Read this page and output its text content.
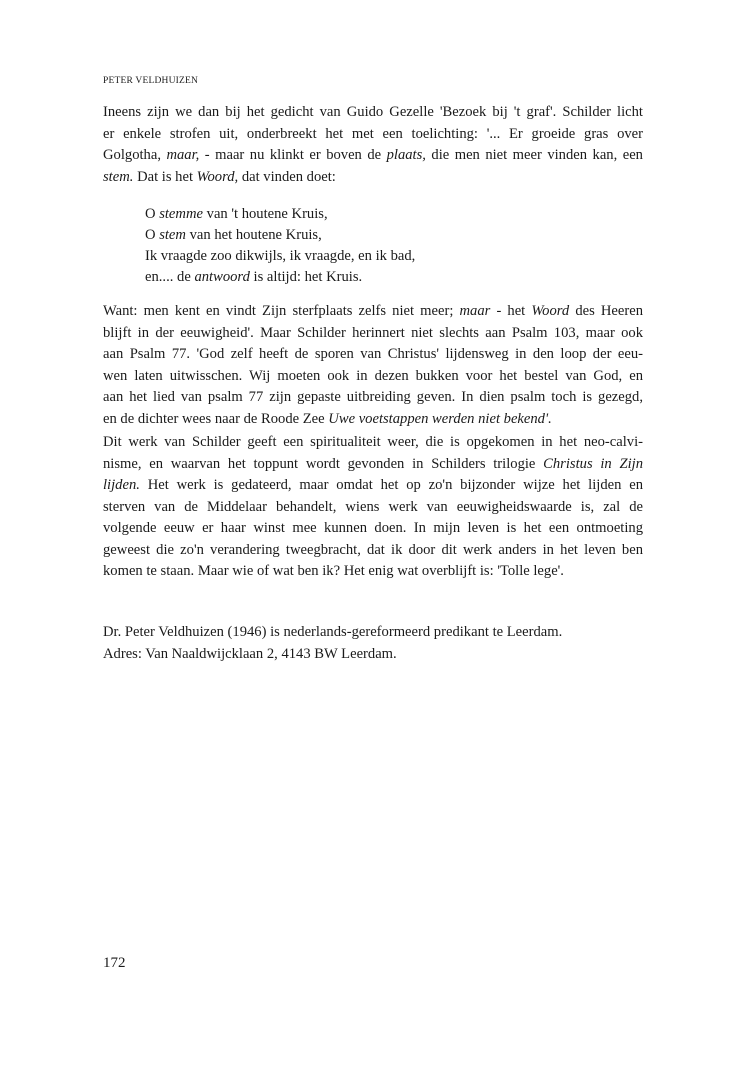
PETER VELDHUIZEN

Ineens zijn we dan bij het gedicht van Guido Gezelle 'Bezoek bij 't graf'. Schilder licht
er enkele strofen uit, onderbreekt het met een toelichting: '... Er groeide gras over
Golgotha, maar, - maar nu klinkt er boven de plaats, die men niet meer vinden kan, een
stem. Dat is het Woord, dat vinden doet:

O stemme van 't houtene Kruis,
O stem van het houtene Kruis,
Ik vraagde zoo dikwijls, ik vraagde, en ik bad,
en.... de antwoord is altijd: het Kruis.

Want: men kent en vindt Zijn sterfplaats zelfs niet meer; maar - het Woord des Heeren
blijft in der eeuwigheid'. Maar Schilder herinnert niet slechts aan Psalm 103, maar ook
aan Psalm 77. 'God zelf heeft de sporen van Christus' lijdensweg in den loop der eeu-
wen laten uitwisschen. Wij moeten ook in dezen bukken voor het bestel van God, en
aan het lied van psalm 77 zijn gepaste uitbreiding geven. In dien psalm toch is gezegd,
en de dichter wees naar de Roode Zee Uwe voetstappen werden niet bekend'.

Dit werk van Schilder geeft een spiritualiteit weer, die is opgekomen in het neo-calvi-
nisme, en waarvan het toppunt wordt gevonden in Schilders trilogie Christus in Zijn
lijden. Het werk is gedateerd, maar omdat het op zo'n bijzonder wijze het lijden en
sterven van de Middelaar behandelt, wiens werk van eeuwigheidswaarde is, zal de
volgende eeuw er haar winst mee kunnen doen. In mijn leven is het een ontmoeting
geweest die zo'n verandering tweegbracht, dat ik door dit werk anders in het leven ben
komen te staan. Maar wie of wat ben ik? Het enig wat overblijft is: 'Tolle lege'.

Dr. Peter Veldhuizen (1946) is nederlands-gereformeerd predikant te Leerdam.
Adres: Van Naaldwijcklaan 2, 4143 BW Leerdam.

172
